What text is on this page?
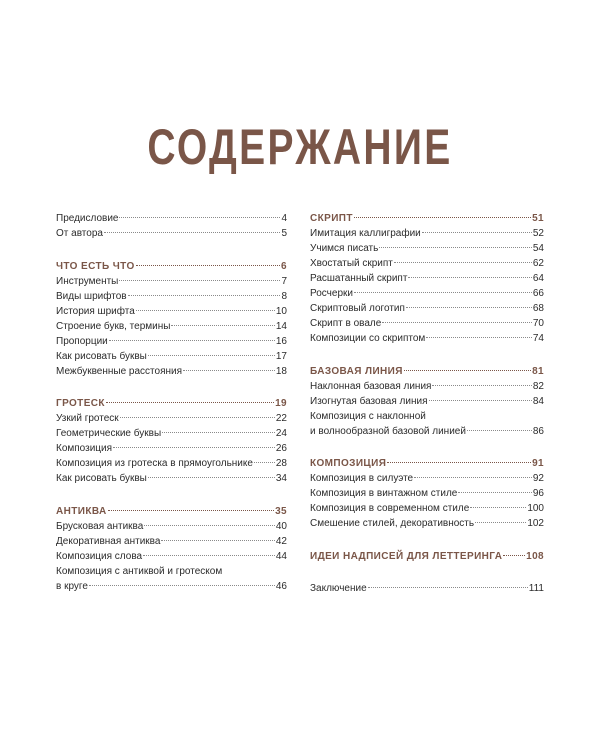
СОДЕРЖАНИЕ
Предисловие	4
От автора	5
ЧТО ЕСТЬ ЧТО	6
Инструменты	7
Виды шрифтов	8
История шрифта	10
Строение букв, термины	14
Пропорции	16
Как рисовать буквы	17
Межбуквенные расстояния	18
ГРОТЕСК	19
Узкий гротеск	22
Геометрические буквы	24
Композиция	26
Композиция из гротеска в прямоугольнике 28
Как рисовать буквы	34
АНТИКВА	35
Брусковая антиква	40
Декоративная антиква	42
Композиция слова	44
Композиция с антиквой и гротеском
в круге	46
СКРИПТ	51
Имитация каллиграфии	52
Учимся писать	54
Хвостатый скрипт	62
Расшатанный скрипт	64
Росчерки	66
Скриптовый логотип	68
Скрипт в овале	70
Композиции со скриптом	74
БАЗОВАЯ ЛИНИЯ	81
Наклонная базовая линия	82
Изогнутая базовая линия	84
Композиция с наклонной
и волнообразной базовой линией	86
КОМПОЗИЦИЯ	91
Композиция в силуэте	92
Композиция в винтажном стиле	96
Композиция в современном стиле	100
Смешение стилей, декоративность	102
ИДЕИ НАДПИСЕЙ ДЛЯ ЛЕТТЕРИНГА 108
Заключение	111
